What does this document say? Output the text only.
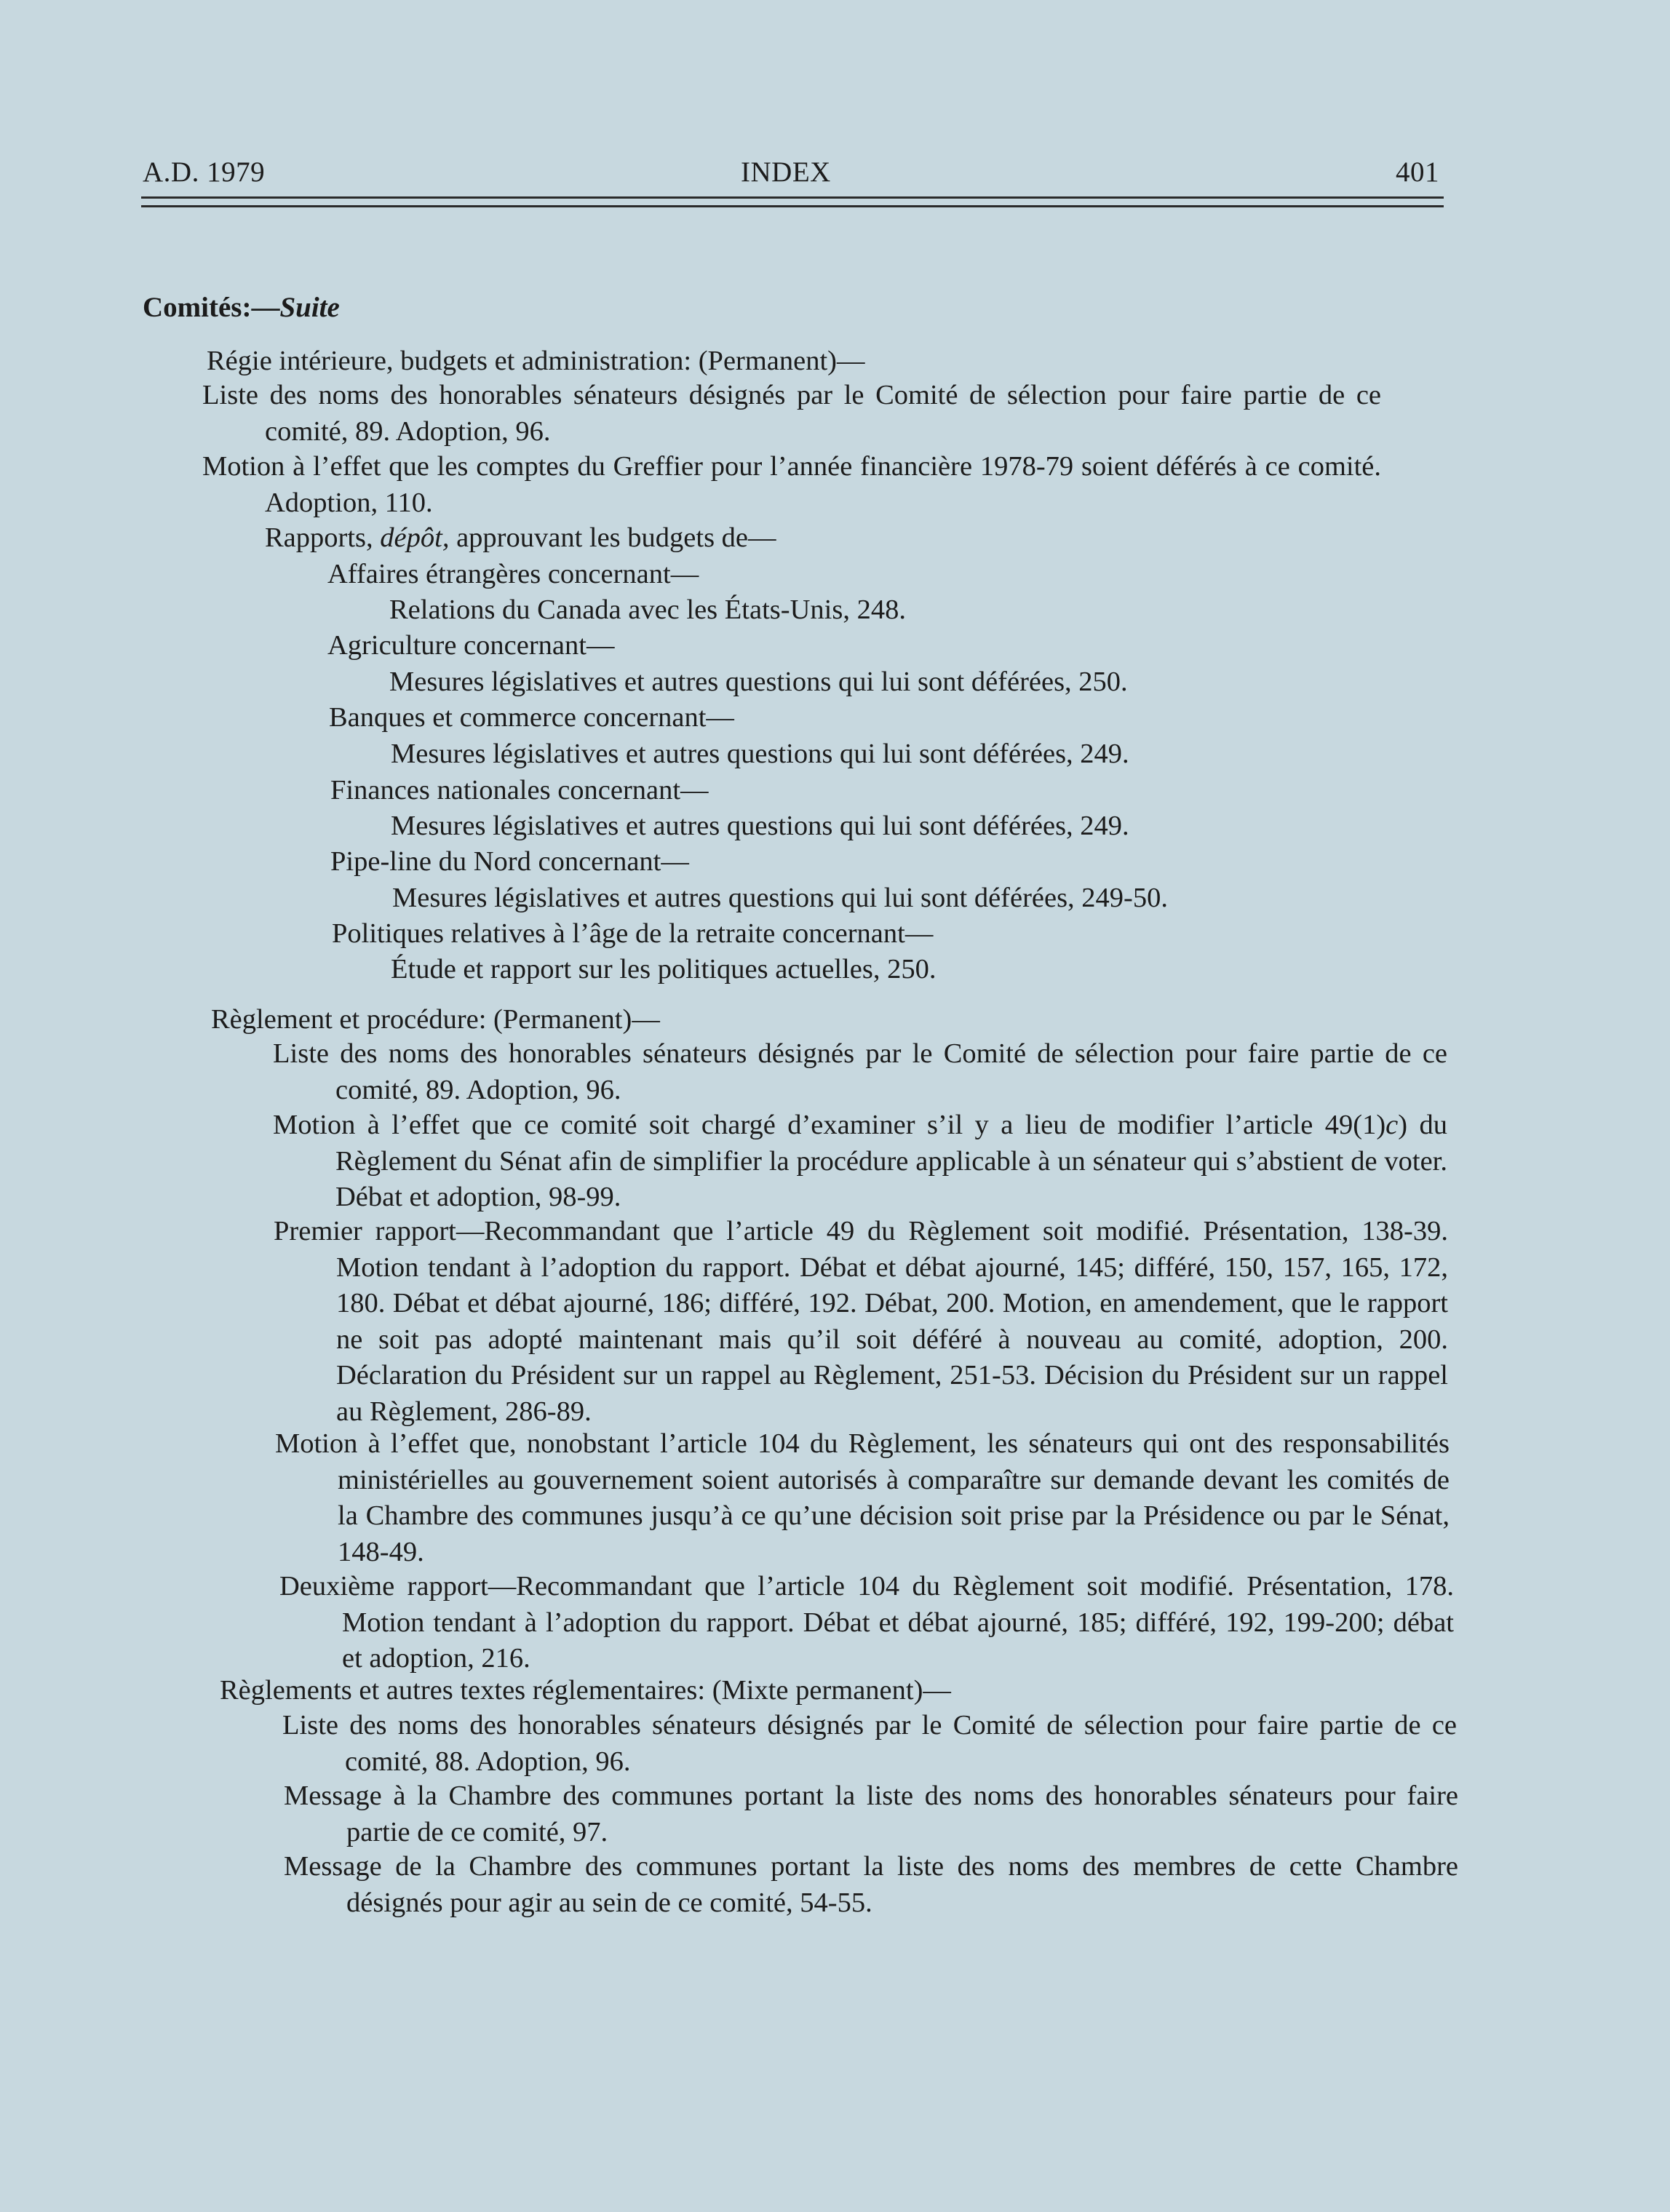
A.D. 1979	INDEX	401
Comités:—Suite
Régie intérieure, budgets et administration: (Permanent)—
Liste des noms des honorables sénateurs désignés par le Comité de sélection pour faire partie de ce comité, 89. Adoption, 96.
Motion à l’effet que les comptes du Greffier pour l’année financière 1978-79 soient déférés à ce comité. Adoption, 110.
Rapports, dépôt, approuvant les budgets de—
Affaires étrangères concernant—
Relations du Canada avec les États-Unis, 248.
Agriculture concernant—
Mesures législatives et autres questions qui lui sont déférées, 250.
Banques et commerce concernant—
Mesures législatives et autres questions qui lui sont déférées, 249.
Finances nationales concernant—
Mesures législatives et autres questions qui lui sont déférées, 249.
Pipe-line du Nord concernant—
Mesures législatives et autres questions qui lui sont déférées, 249-50.
Politiques relatives à l’âge de la retraite concernant—
Étude et rapport sur les politiques actuelles, 250.
Règlement et procédure: (Permanent)—
Liste des noms des honorables sénateurs désignés par le Comité de sélection pour faire partie de ce comité, 89. Adoption, 96.
Motion à l’effet que ce comité soit chargé d’examiner s’il y a lieu de modifier l’article 49(1)c) du Règlement du Sénat afin de simplifier la procédure applicable à un sénateur qui s’abstient de voter. Débat et adoption, 98-99.
Premier rapport—Recommandant que l’article 49 du Règlement soit modifié. Présentation, 138-39. Motion tendant à l’adoption du rapport. Débat et débat ajourné, 145; différé, 150, 157, 165, 172, 180. Débat et débat ajourné, 186; différé, 192. Débat, 200. Motion, en amendement, que le rapport ne soit pas adopté maintenant mais qu’il soit déféré à nouveau au comité, adoption, 200. Déclaration du Président sur un rappel au Règlement, 251-53. Décision du Président sur un rappel au Règlement, 286-89.
Motion à l’effet que, nonobstant l’article 104 du Règlement, les sénateurs qui ont des responsabilités ministérielles au gouvernement soient autorisés à comparaître sur demande devant les comités de la Chambre des communes jusqu’à ce qu’une décision soit prise par la Présidence ou par le Sénat, 148-49.
Deuxième rapport—Recommandant que l’article 104 du Règlement soit modifié. Présentation, 178. Motion tendant à l’adoption du rapport. Débat et débat ajourné, 185; différé, 192, 199-200; débat et adoption, 216.
Règlements et autres textes réglementaires: (Mixte permanent)—
Liste des noms des honorables sénateurs désignés par le Comité de sélection pour faire partie de ce comité, 88. Adoption, 96.
Message à la Chambre des communes portant la liste des noms des honorables sénateurs pour faire partie de ce comité, 97.
Message de la Chambre des communes portant la liste des noms des membres de cette Chambre désignés pour agir au sein de ce comité, 54-55.
